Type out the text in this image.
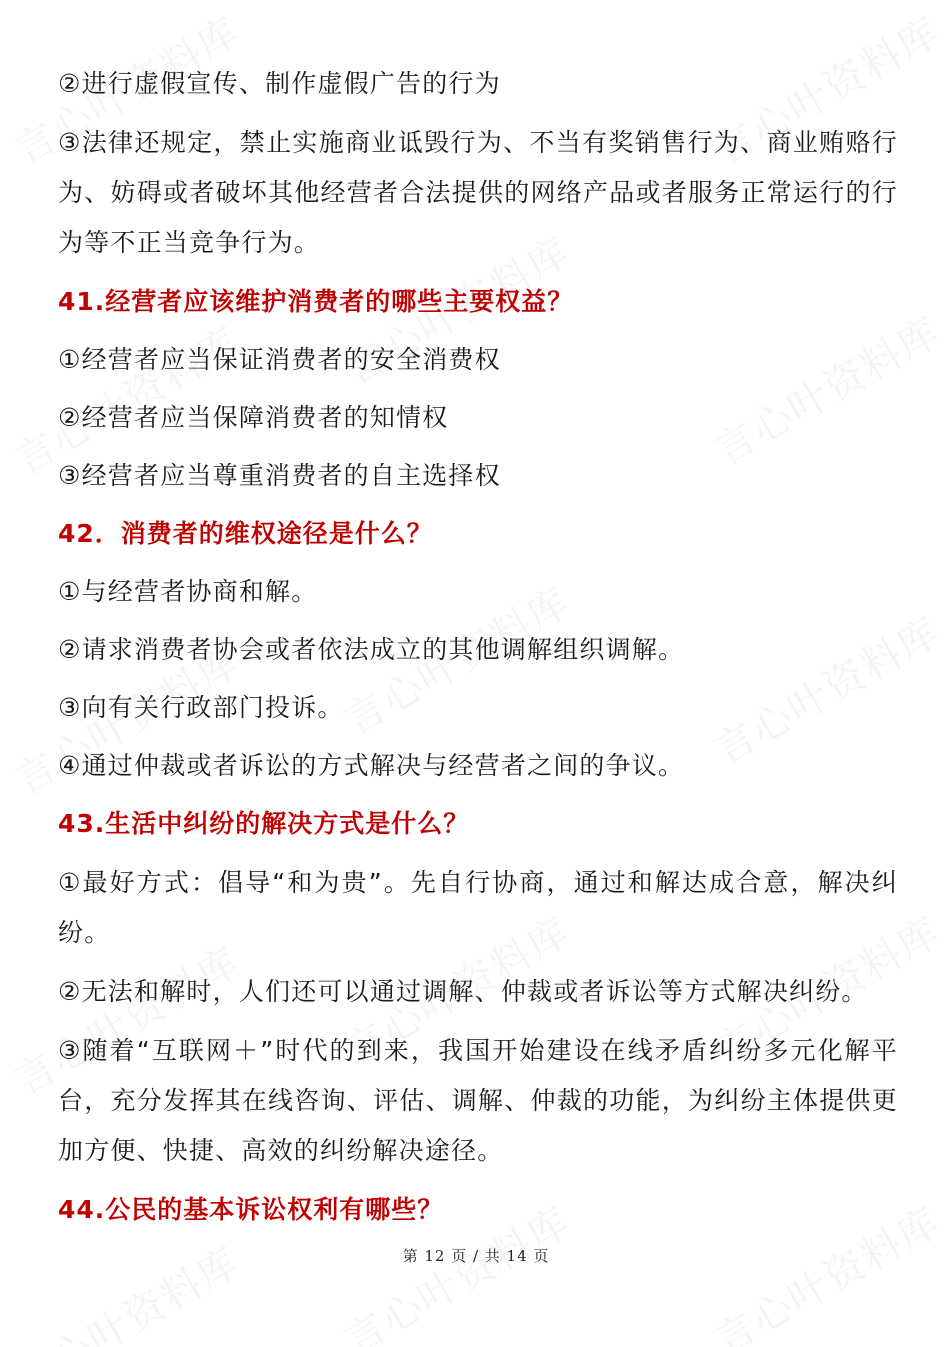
②进行虚假宣传、制作虚假广告的行为

③法律还规定，禁止实施商业诋毁行为、不当有奖销售行为、商业贿赂行为、妨碍或者破坏其他经营者合法提供的网络产品或者服务正常运行的行为等不正当竞争行为。

41.经营者应该维护消费者的哪些主要权益？

①经营者应当保证消费者的安全消费权

②经营者应当保障消费者的知情权

③经营者应当尊重消费者的自主选择权

42．消费者的维权途径是什么？

①与经营者协商和解。

②请求消费者协会或者依法成立的其他调解组织调解。

③向有关行政部门投诉。

④通过仲裁或者诉讼的方式解决与经营者之间的争议。

43.生活中纠纷的解决方式是什么？

①最好方式：倡导“和为贵”。先自行协商，通过和解达成合意，解决纠纷。

②无法和解时，人们还可以通过调解、仲裁或者诉讼等方式解决纠纷。

③随着“互联网＋”时代的到来，我国开始建设在线矛盾纠纷多元化解平台，充分发挥其在线咨询、评估、调解、仲裁的功能，为纠纷主体提供更加方便、快捷、高效的纠纷解决途径。

44.公民的基本诉讼权利有哪些？

第 12 页 / 共 14 页
